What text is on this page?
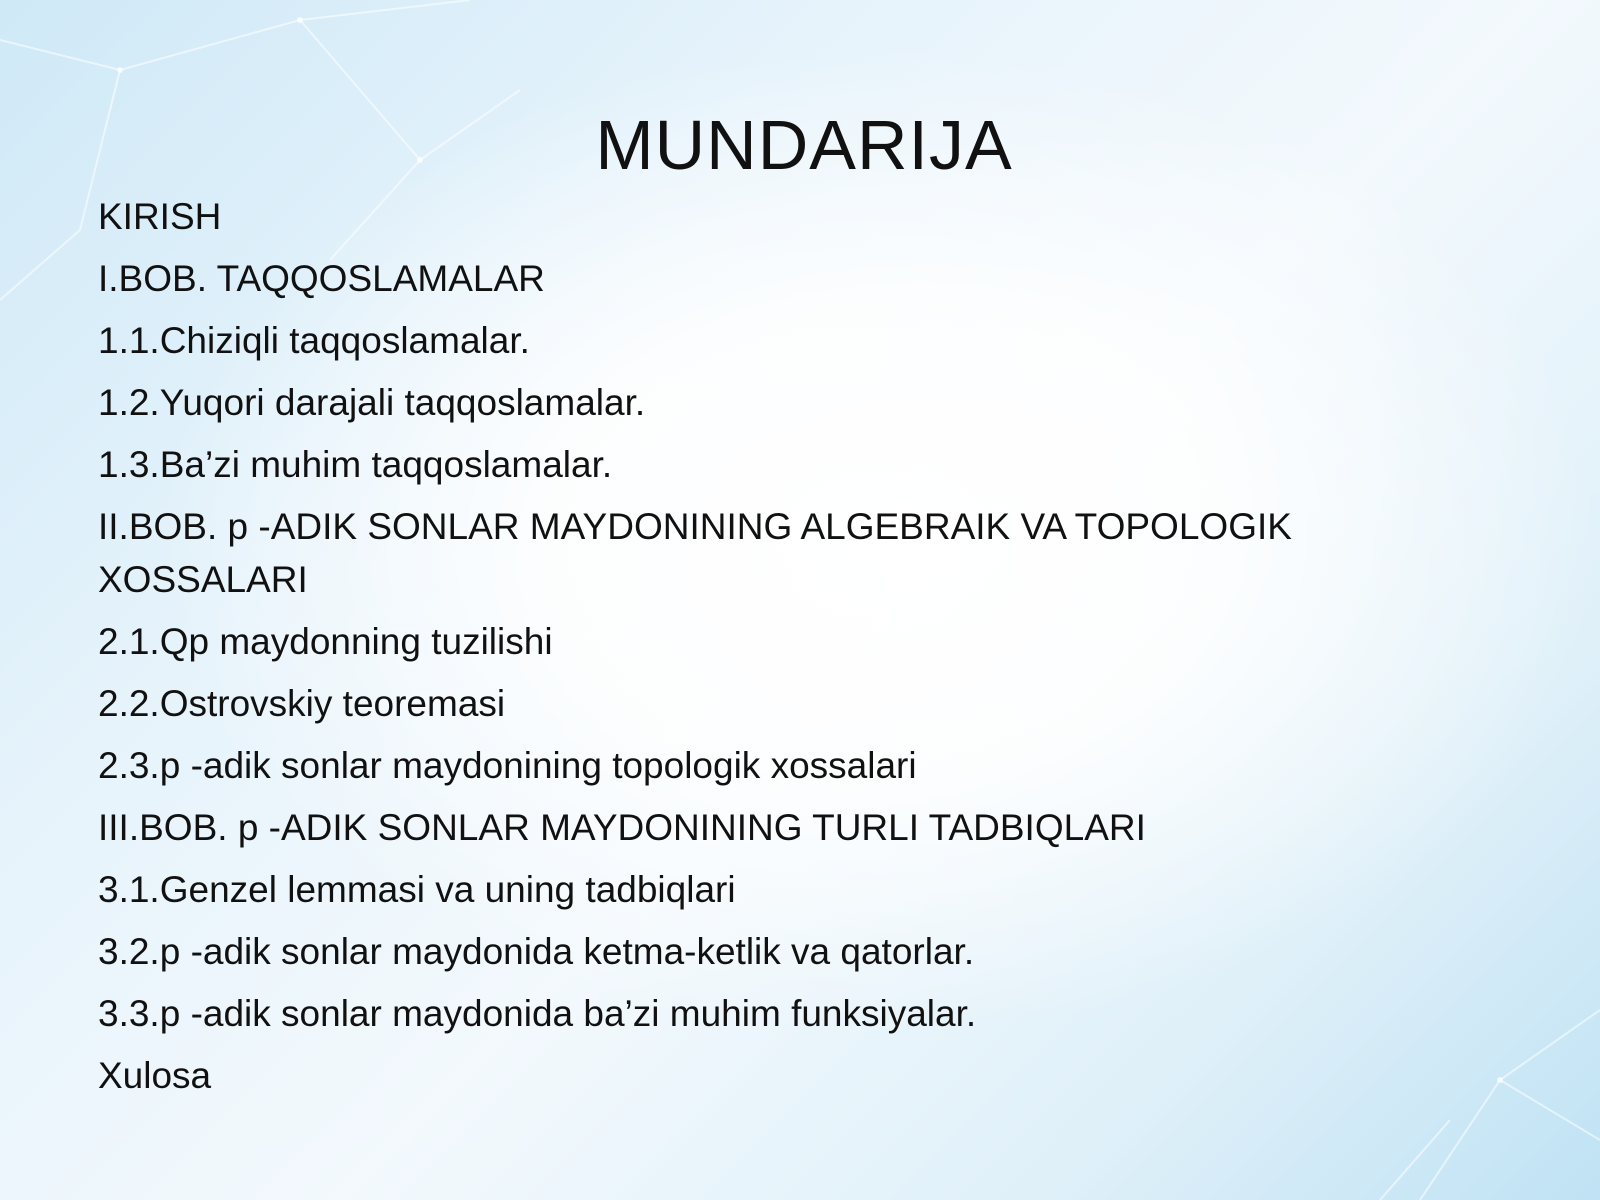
MUNDARIJA
KIRISH
I.BOB. TAQQOSLAMALAR
1.1.Chiziqli taqqoslamalar.
1.2.Yuqori darajali taqqoslamalar.
1.3.Ba’zi muhim taqqoslamalar.
II.BOB. p -ADIK SONLAR MAYDONINING ALGEBRAIK VA TOPOLOGIK XOSSALARI
2.1.Qp maydonning tuzilishi
2.2.Ostrovskiy teoremasi
2.3.p -adik sonlar maydonining topologik xossalari
III.BOB. p -ADIK SONLAR MAYDONINING TURLI TADBIQLARI
3.1.Genzel lemmasi va uning tadbiqlari
3.2.p -adik sonlar maydonida ketma-ketlik va qatorlar.
3.3.p -adik sonlar maydonida ba’zi muhim funksiyalar.
Xulosa
